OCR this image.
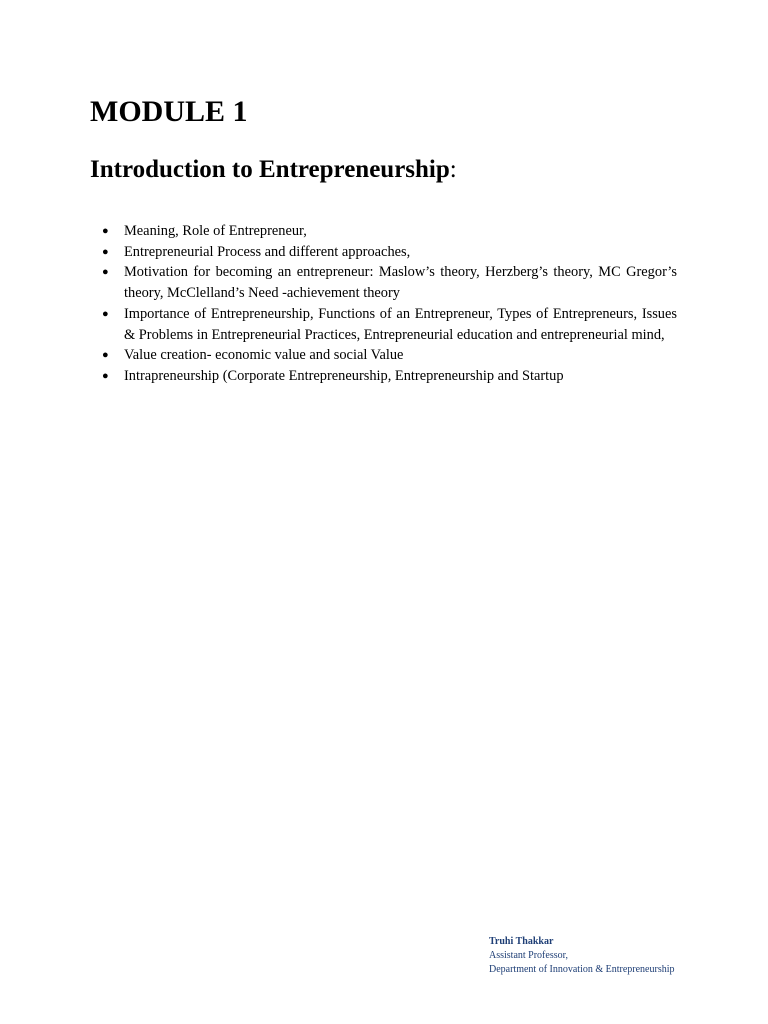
MODULE 1
Introduction to Entrepreneurship:
● Meaning, Role of Entrepreneur,
● Entrepreneurial Process and different approaches,
● Motivation for becoming an entrepreneur: Maslow’s theory, Herzberg’s theory, MC Gregor’s theory, McClelland’s Need -achievement theory
● Importance of Entrepreneurship, Functions of an Entrepreneur, Types of Entrepreneurs, Issues & Problems in Entrepreneurial Practices, Entrepreneurial education and entrepreneurial mind,
● Value creation- economic value and social Value
● Intrapreneurship (Corporate Entrepreneurship, Entrepreneurship and Startup
Truhi Thakkar
Assistant Professor,
Department of Innovation & Entrepreneurship
